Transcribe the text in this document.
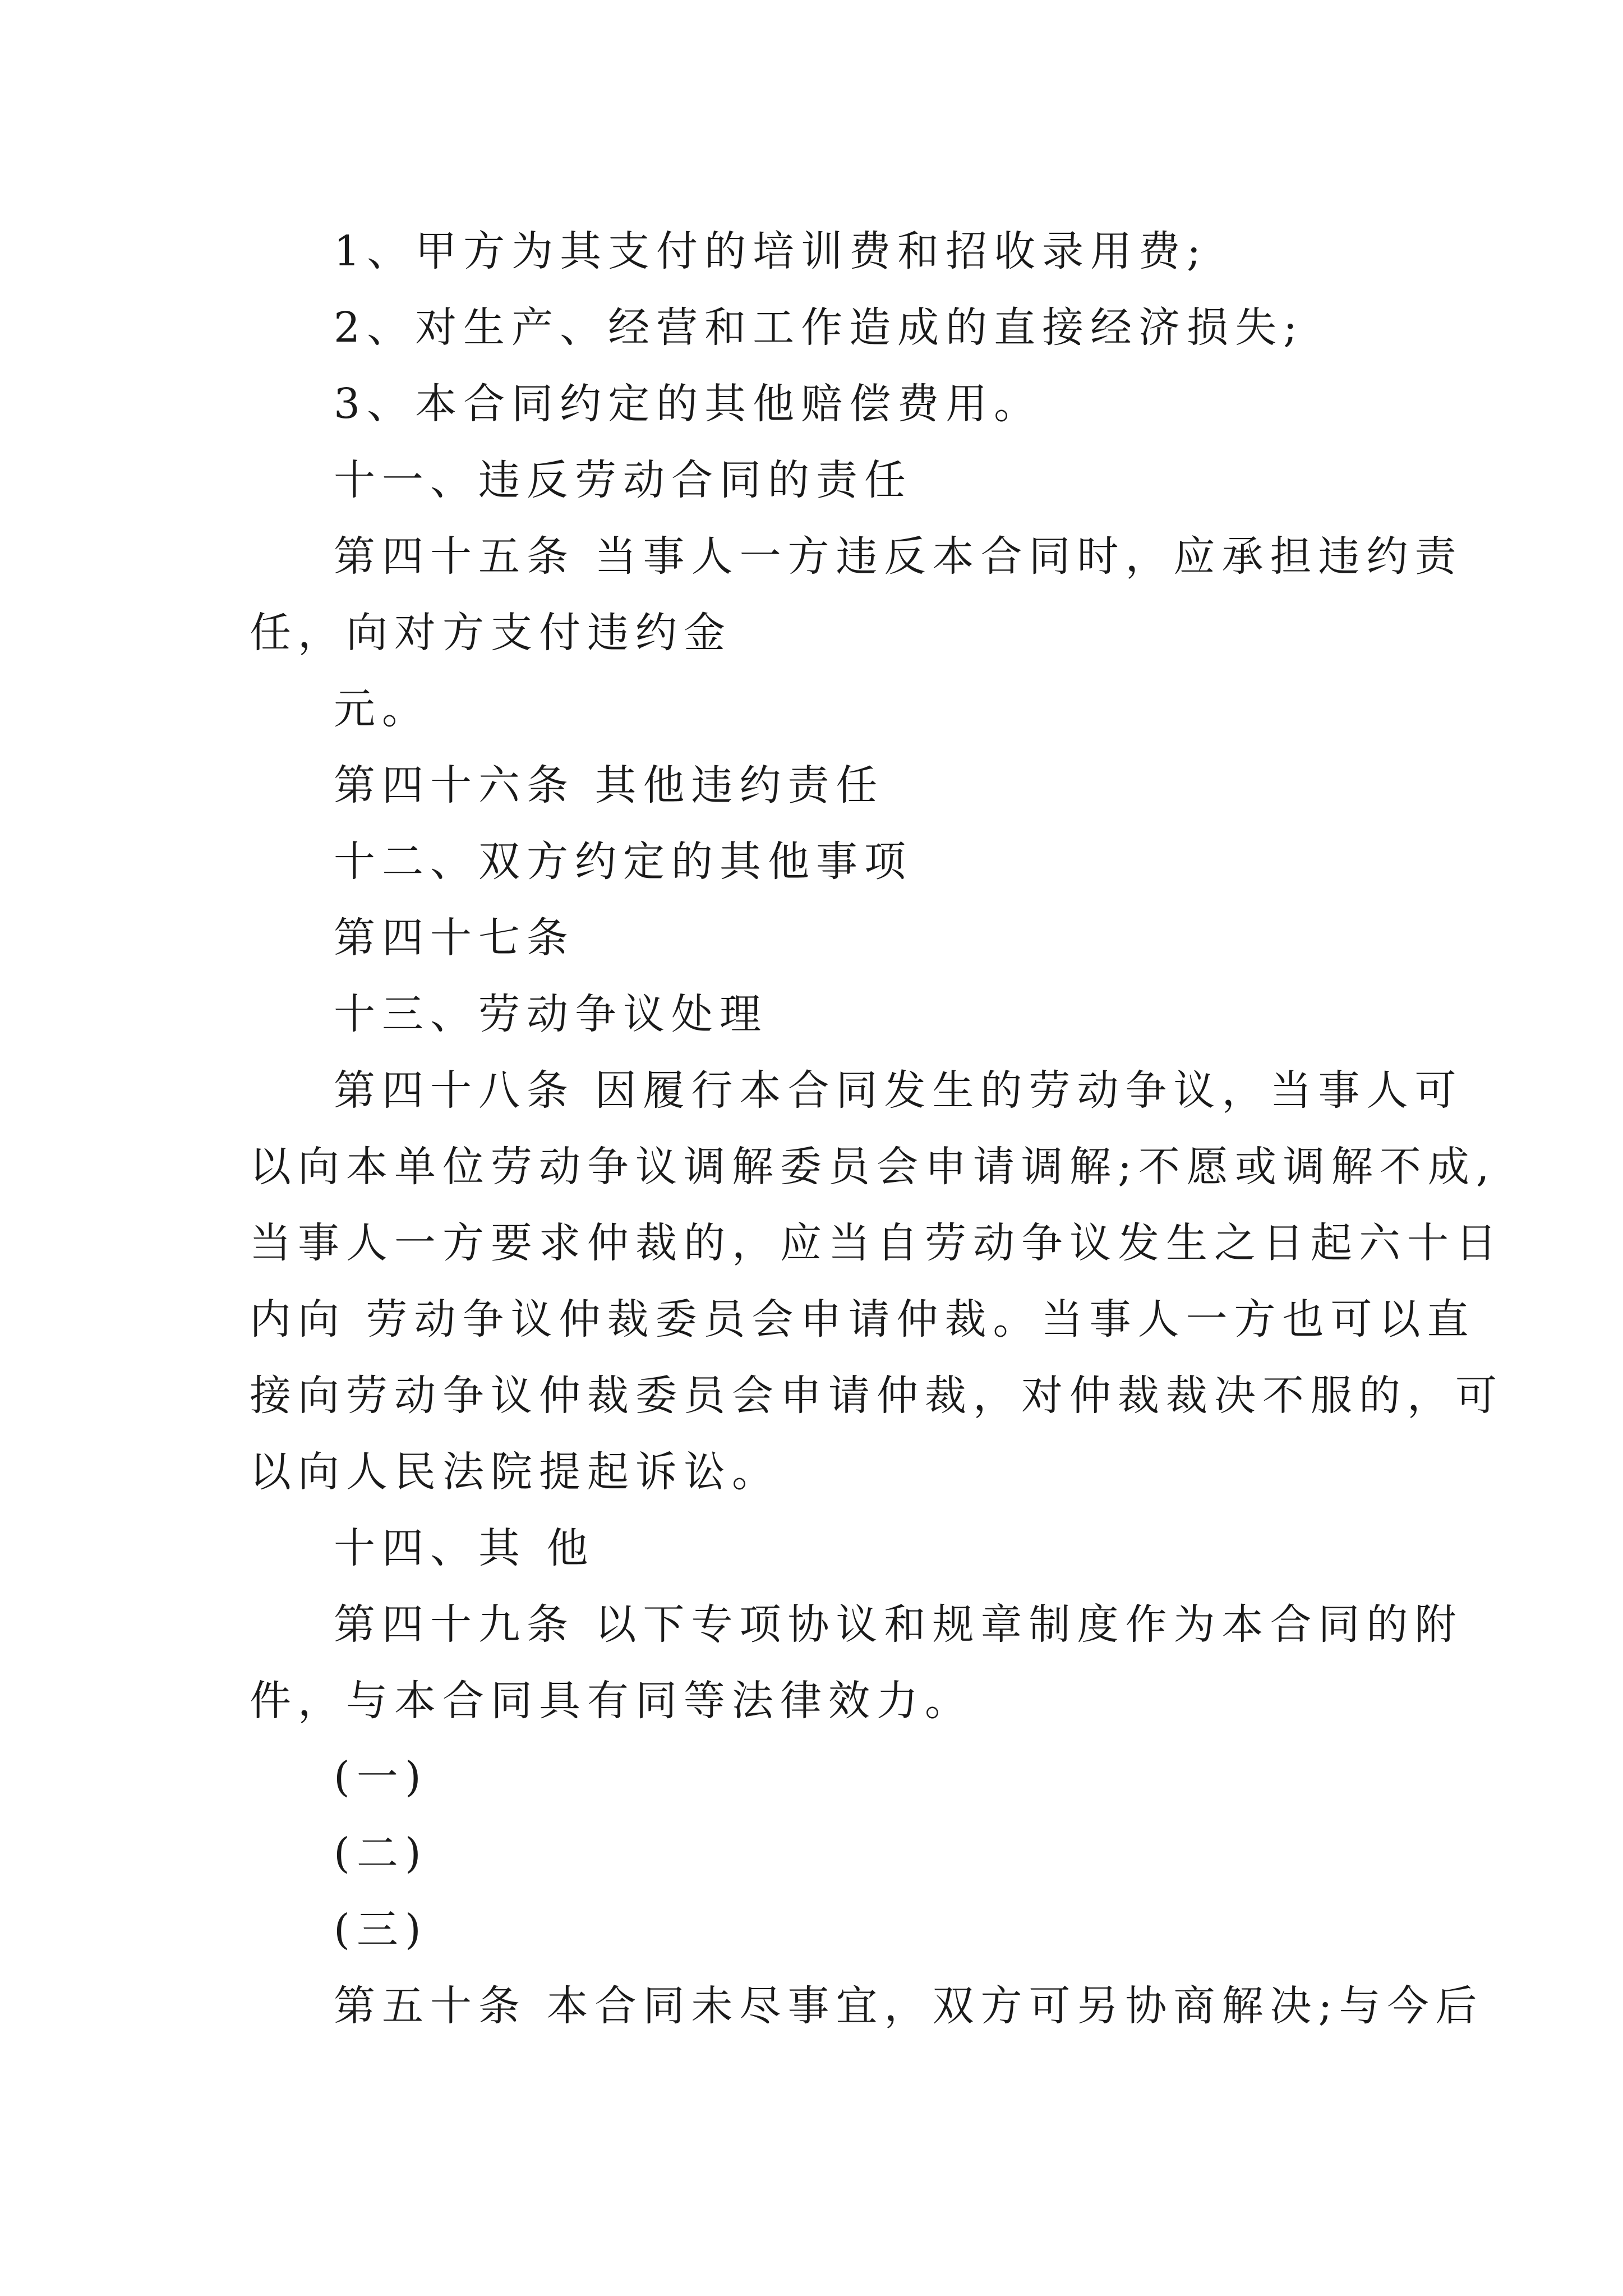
1、甲方为其支付的培训费和招收录用费;

2、对生产、经营和工作造成的直接经济损失;

3、本合同约定的其他赔偿费用。

十一、违反劳动合同的责任

第四十五条 当事人一方违反本合同时，应承担违约责

任，向对方支付违约金

元。

第四十六条 其他违约责任

十二、双方约定的其他事项

第四十七条

十三、劳动争议处理

第四十八条 因履行本合同发生的劳动争议，当事人可

以向本单位劳动争议调解委员会申请调解;不愿或调解不成,

当事人一方要求仲裁的，应当自劳动争议发生之日起六十日

内向 劳动争议仲裁委员会申请仲裁。当事人一方也可以直

接向劳动争议仲裁委员会申请仲裁，对仲裁裁决不服的，可

以向人民法院提起诉讼。

十四、其 他

第四十九条 以下专项协议和规章制度作为本合同的附

件，与本合同具有同等法律效力。

(一)

(二)

(三)

第五十条 本合同未尽事宜，双方可另协商解决;与今后
